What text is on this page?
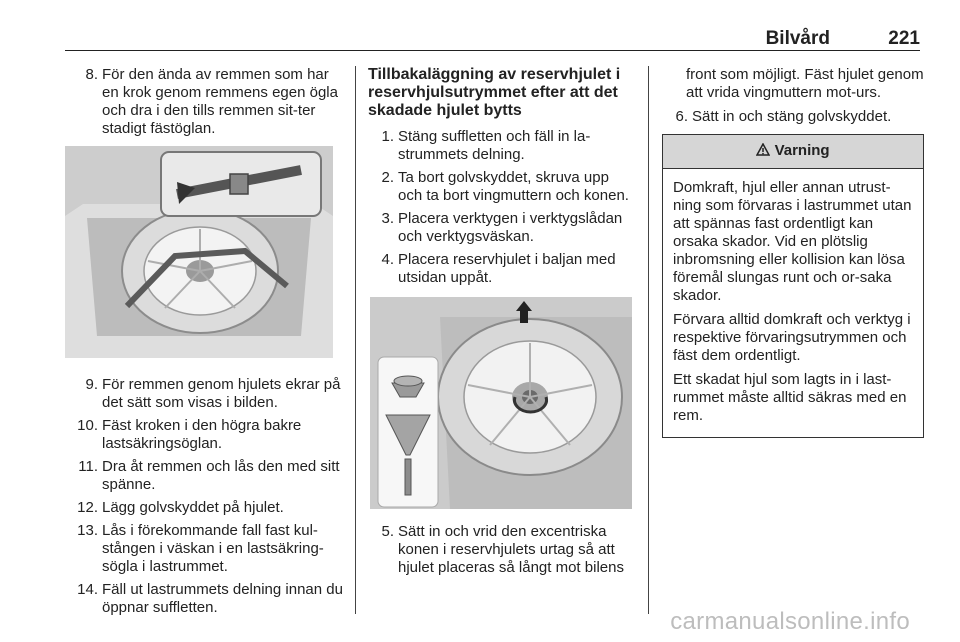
Bilvård	221
8. För den ända av remmen som har en krok genom remmens egen ögla och dra i den tills remmen sit-ter stadigt fästöglan.
9. För remmen genom hjulets ekrar på det sätt som visas i bilden.
10. Fäst kroken i den högra bakre lastsäkringsöglan.
11. Dra åt remmen och lås den med sitt spänne.
12. Lägg golvskyddet på hjulet.
13. Lås i förekommande fall fast kul-stången i väskan i en lastsäkring-sögla i lastrummet.
14. Fäll ut lastrummets delning innan du öppnar suffletten.
Tillbakaläggning av reservhjulet i reservhjulsutrymmet efter att det skadade hjulet bytts
1. Stäng suffletten och fäll in la-strummets delning.
2. Ta bort golvskyddet, skruva upp och ta bort vingmuttern och konen.
3. Placera verktygen i verktygslådan och verktygsväskan.
4. Placera reservhjulet i baljan med utsidan uppåt.
5. Sätt in och vrid den excentriska konen i reservhjulets urtag så att hjulet placeras så långt mot bilens
front som möjligt. Fäst hjulet genom att vrida vingmuttern mot-urs.
6. Sätt in och stäng golvskyddet.
Varning

Domkraft, hjul eller annan utrust-ning som förvaras i lastrummet utan att spännas fast ordentligt kan orsaka skador. Vid en plötslig inbromsning eller kollision kan lösa föremål slungas runt och or-saka skador.

Förvara alltid domkraft och verktyg i respektive förvaringsutrymmen och fäst dem ordentligt.

Ett skadat hjul som lagts in i last-rummet måste alltid säkras med en rem.

carmanualsonline.info
